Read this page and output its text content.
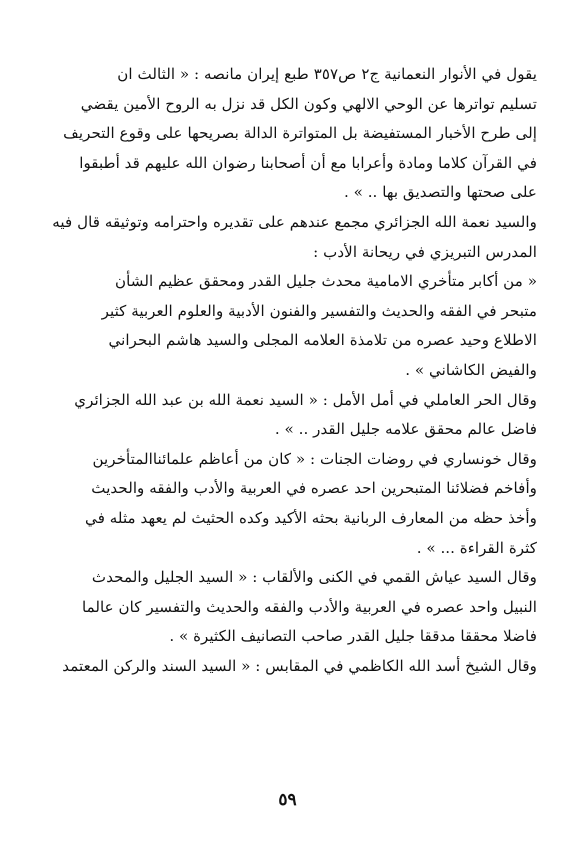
يقول في الأنوار النعمانية ج٢ ص٣٥٧ طبع إيران مانصه : « الثالث ان
تسليم تواترها عن الوحي الالهي وكون الكل قد نزل به الروح الأمين يقضي
إلى طرح الأخبار المستفيضة بل المتواترة الدالة بصريحها على وقوع التحريف
في القرآن كلاما ومادة وأعرابا مع أن أصحابنا رضوان الله عليهم قد أطبقوا
على صحتها والتصديق بها .. » .
والسيد نعمة الله الجزائري مجمع عندهم على تقديره واحترامه وتوثيقه قال فيه
المدرس التبريزي في ريحانة الأدب :
« من أكابر متأخري الامامية محدث جليل القدر ومحقق عظيم الشأن
متبحر في الفقه والحديث والتفسير والفنون الأدبية والعلوم العربية كثير
الاطلاع وحيد عصره من تلامذة العلامه المجلى والسيد هاشم البحراني
والفيض الكاشاني » .
وقال الحر العاملي في أمل الأمل : « السيد نعمة الله بن عبد الله الجزائري
فاضل عالم محقق علامه جليل القدر .. » .
وقال خونساري في روضات الجنات : « كان من أعاظم علمائناالمتأخرين
وأفاخم فضلائنا المتبحرين احد عصره في العربية والأدب والفقه والحديث
وأخذ حظه من المعارف الربانية بحثه الأكيد وكده الحثيث لم يعهد مثله في
كثرة القراءة ... » .
وقال السيد عياش القمي في الكنى والألقاب : « السيد الجليل والمحدث
النبيل واحد عصره في العربية والأدب والفقه والحديث والتفسير كان عالما
فاضلا محققا مدققا جليل القدر صاحب التصانيف الكثيرة » .
وقال الشيخ أسد الله الكاظمي في المقابس : « السيد السند والركن المعتمد
٥٩
